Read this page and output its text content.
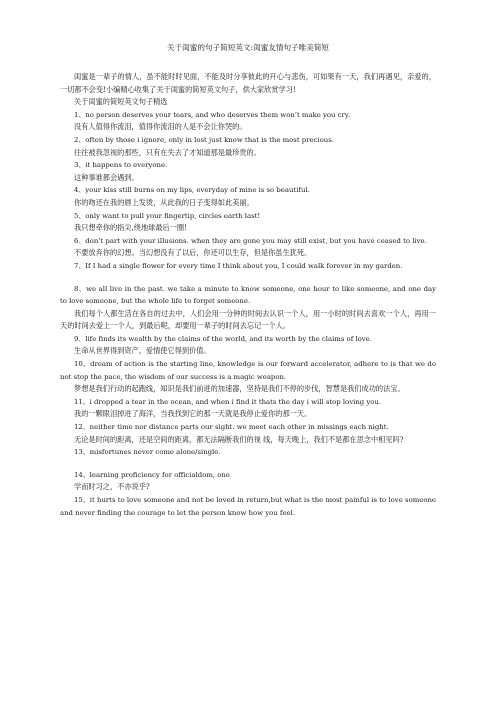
关于闺蜜的句子简短英文:闺蜜友情句子唯美简短

闺蜜是一辈子的情人，虽不能时时见面，不能及时分享彼此的开心与悲伤，可如果有一天，我们再遇见，亲爱的，一切都不会变!小编精心收集了关于闺蜜的简短英文句子，供大家欣赏学习!

关于闺蜜的简短英文句子精选

1、no person deserves your tears, and who deserves them won’t make you cry.

没有人值得你流泪，值得你流泪的人是不会让你哭的。

2、often by those i ignore, only in lost just know that is the most precious.

往往被我忽视的那些，只有在失去了才知道那是最珍贵的。

3、it happens to everyone.

这种事谁都会遇到。

4、your kiss still burns on my lips, everyday of mine is so beautiful.

你的吻还在我的唇上发烫，从此我的日子变得如此美丽。

5、only want to pull your fingertip, circles earth last!

我只想牵你的指尖,绕地球最后一圈!

6、don’t part with your illusions. when they are gone you may still exist, but you have ceased to live.

不要放弃你的幻想。当幻想没有了以后，你还可以生存，但是你虽生犹死。

7、If I had a single flower for every time I think about you, I could walk forever in my garden.

8、we all live in the past. we take a minute to know someone, one hour to like someone, and one day to love someone, but the whole life to forget someone.

我们每个人都生活在各自的过去中，人们会用一分钟的时间去认识一个人，用一小时的时间去喜欢一个人，再用一天的时间去爱上一个人，到最后呢，却要用一辈子的时间去忘记一个人。

9、life finds its wealth by the claims of the world, and its worth by the claims of love.

生命从世界得到资产，爱情使它得到价值。

10、dream of action is the starting line, knowledge is our forward accelerator, adhere to is that we do not stop the pace, the wisdom of our success is a magic weapon.

梦想是我们行动的起跑线，知识是我们前进的加速器，坚持是我们不停的步伐，智慧是我们成功的法宝。

11、i dropped a tear in the ocean, and when i find it thats the day i will stop loving you.

我的一颗眼泪掉进了海洋，当我找到它的那一天就是我停止爱你的那一天。

12、neither time nor distance parts our sight. we meet each other in missings each night.

无论是时间的距离，还是空间的距离，都无法隔断我们的视 线，每天晚上，我们不是都在思念中相见吗?

13、misfortunes never come alone/single.

14、learning proficiency for officialdom, one

学而时习之，不亦说乎?

15、it hurts to love someone and not be loved in return,but what is the most painful is to love someone and never finding the courage to let the person know how you feel.
